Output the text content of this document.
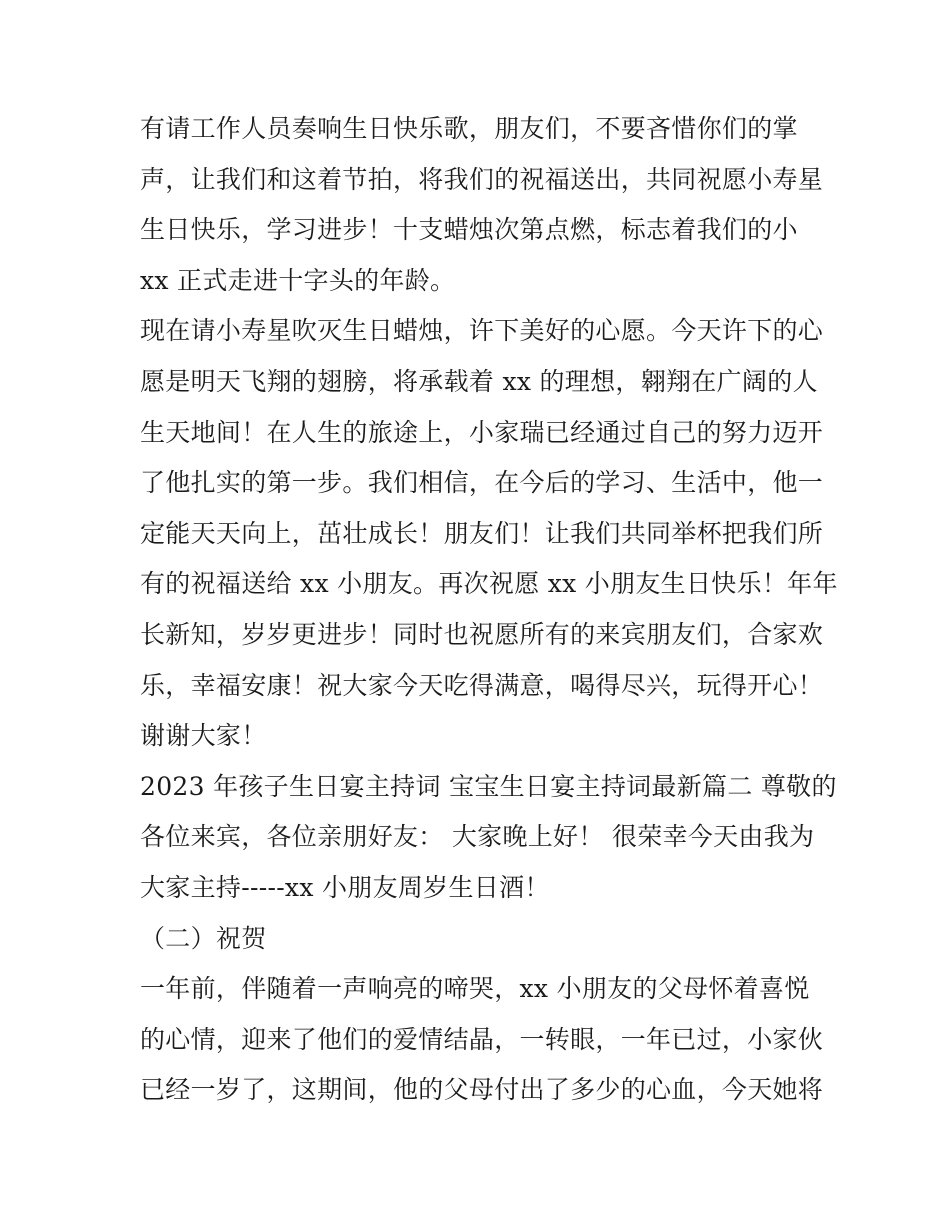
有请工作人员奏响生日快乐歌，朋友们，不要吝惜你们的掌
声，让我们和这着节拍，将我们的祝福送出，共同祝愿小寿星
生日快乐，学习进步！十支蜡烛次第点燃，标志着我们的小
xx 正式走进十字头的年龄。
现在请小寿星吹灭生日蜡烛，许下美好的心愿。今天许下的心
愿是明天飞翔的翅膀，将承载着 xx 的理想，翱翔在广阔的人
生天地间！在人生的旅途上，小家瑞已经通过自己的努力迈开
了他扎实的第一步。我们相信，在今后的学习、生活中，他一
定能天天向上，茁壮成长！朋友们！让我们共同举杯把我们所
有的祝福送给 xx 小朋友。再次祝愿 xx 小朋友生日快乐！年年
长新知，岁岁更进步！同时也祝愿所有的来宾朋友们，合家欢
乐，幸福安康！祝大家今天吃得满意，喝得尽兴，玩得开心！
谢谢大家！
2023 年孩子生日宴主持词 宝宝生日宴主持词最新篇二 尊敬的
各位来宾，各位亲朋好友： 大家晚上好！ 很荣幸今天由我为
大家主持-----xx 小朋友周岁生日酒！
（二）祝贺
一年前，伴随着一声响亮的啼哭，xx 小朋友的父母怀着喜悦
的心情，迎来了他们的爱情结晶，一转眼，一年已过，小家伙
已经一岁了，这期间，他的父母付出了多少的心血，今天她将
